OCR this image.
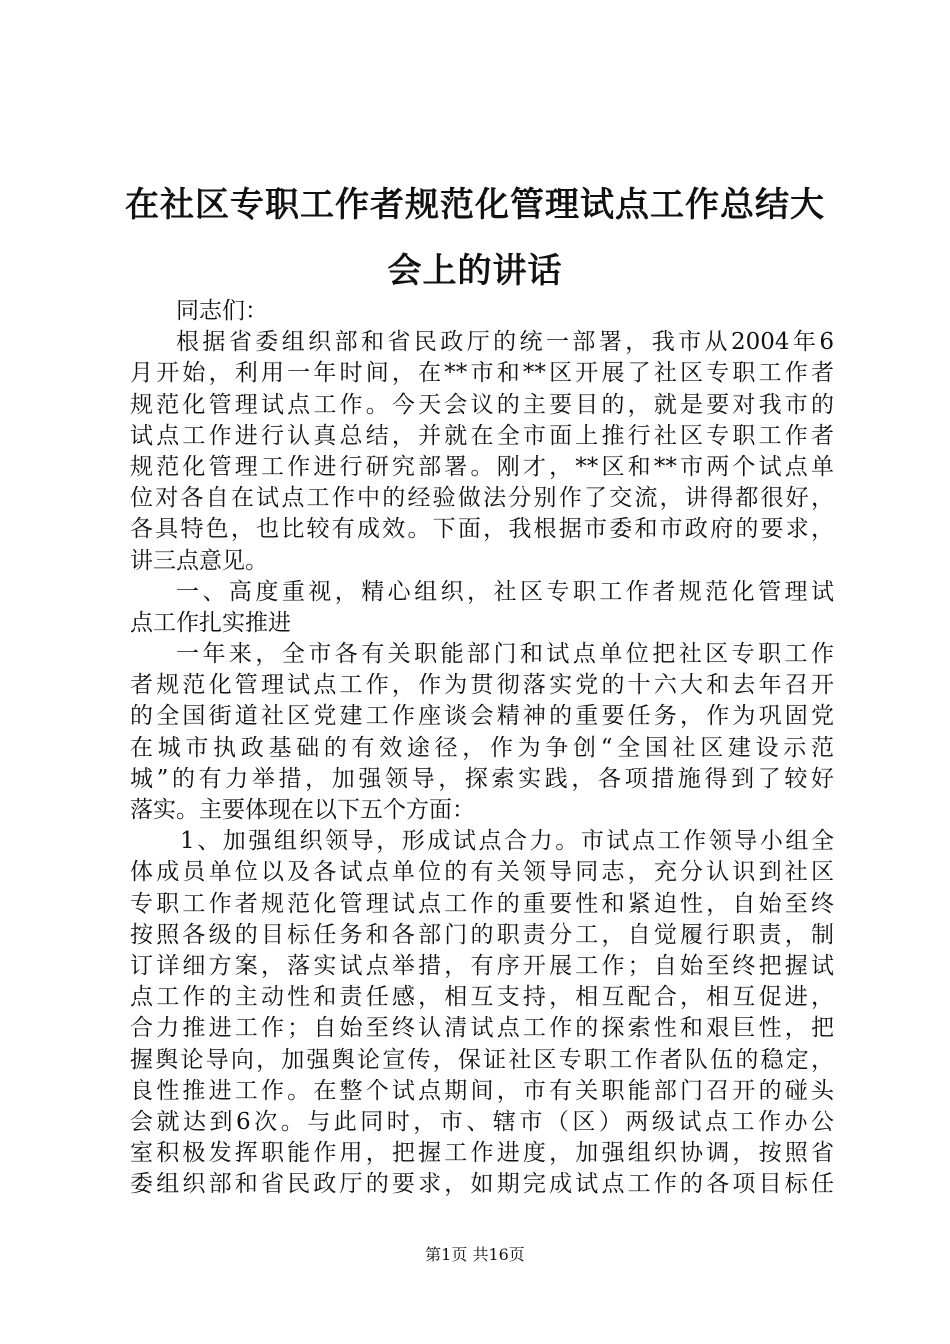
在社区专职工作者规范化管理试点工作总结大
会上的讲话
同志们：
根据省委组织部和省民政厅的统一部署，我市从2004年6
月开始，利用一年时间，在**市和**区开展了社区专职工作者
规范化管理试点工作。今天会议的主要目的，就是要对我市的
试点工作进行认真总结，并就在全市面上推行社区专职工作者
规范化管理工作进行研究部署。刚才，**区和**市两个试点单
位对各自在试点工作中的经验做法分别作了交流，讲得都很好，
各具特色，也比较有成效。下面，我根据市委和市政府的要求，
讲三点意见。
一、高度重视，精心组织，社区专职工作者规范化管理试
点工作扎实推进
一年来，全市各有关职能部门和试点单位把社区专职工作
者规范化管理试点工作，作为贯彻落实党的十六大和去年召开
的全国街道社区党建工作座谈会精神的重要任务，作为巩固党
在城市执政基础的有效途径，作为争创“全国社区建设示范
城”的有力举措，加强领导，探索实践，各项措施得到了较好
落实。主要体现在以下五个方面：
1、加强组织领导，形成试点合力。市试点工作领导小组全
体成员单位以及各试点单位的有关领导同志，充分认识到社区
专职工作者规范化管理试点工作的重要性和紧迫性，自始至终
按照各级的目标任务和各部门的职责分工，自觉履行职责，制
订详细方案，落实试点举措，有序开展工作；自始至终把握试
点工作的主动性和责任感，相互支持，相互配合，相互促进，
合力推进工作；自始至终认清试点工作的探索性和艰巨性，把
握舆论导向，加强舆论宣传，保证社区专职工作者队伍的稳定，
良性推进工作。在整个试点期间，市有关职能部门召开的碰头
会就达到6次。与此同时，市、辖市（区）两级试点工作办公
室积极发挥职能作用，把握工作进度，加强组织协调，按照省
委组织部和省民政厅的要求，如期完成试点工作的各项目标任
第1页 共16页
